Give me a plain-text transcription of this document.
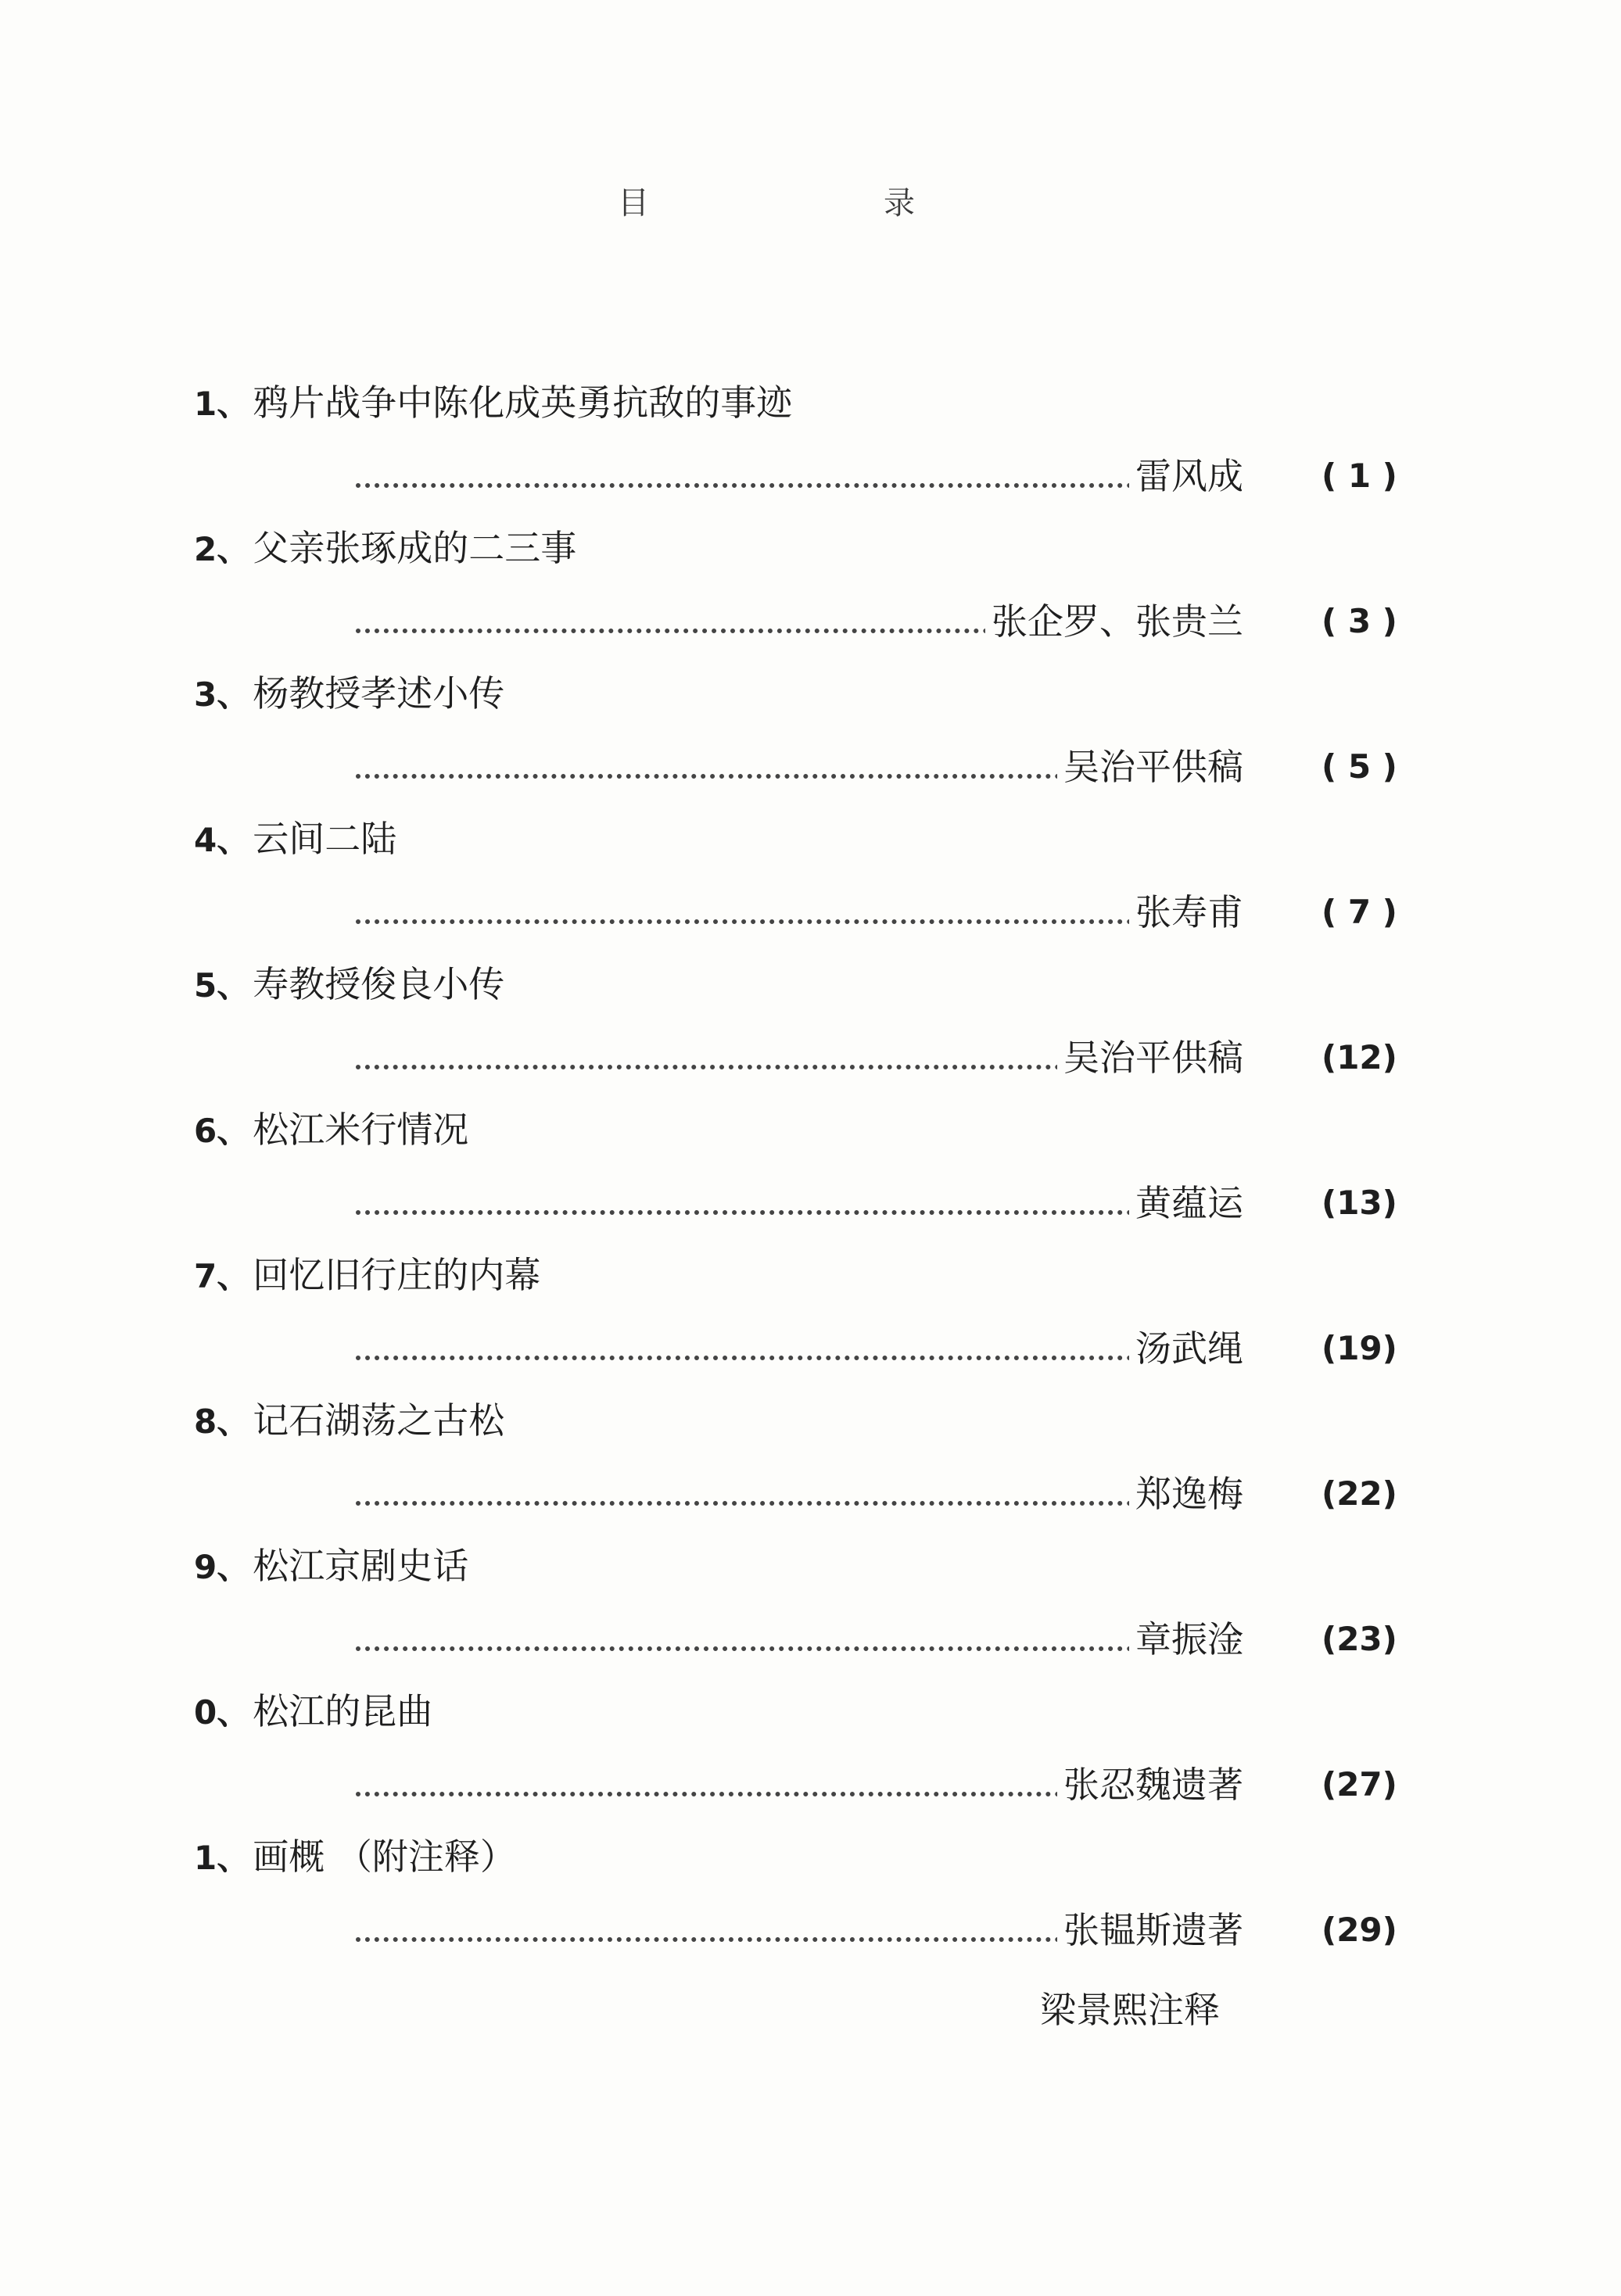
目	录
1、鸦片战争中陈化成英勇抗敌的事迹
雷风成 ( 1 )
2、父亲张琢成的二三事
张企罗、张贵兰 ( 3 )
3、杨教授孝述小传
吴治平供稿 ( 5 )
4、云间二陆
张寿甫 ( 7 )
5、寿教授俊良小传
吴治平供稿 (12)
6、松江米行情况
黄蕴运 (13)
7、回忆旧行庄的内幕
汤武绳 (19)
8、记石湖荡之古松
郑逸梅 (22)
9、松江京剧史话
章振淦 (23)
0、松江的昆曲
张忍魏遗著 (27)
1、画概 （附注释）
张韫斯遗著 (29)
梁景熙注释
